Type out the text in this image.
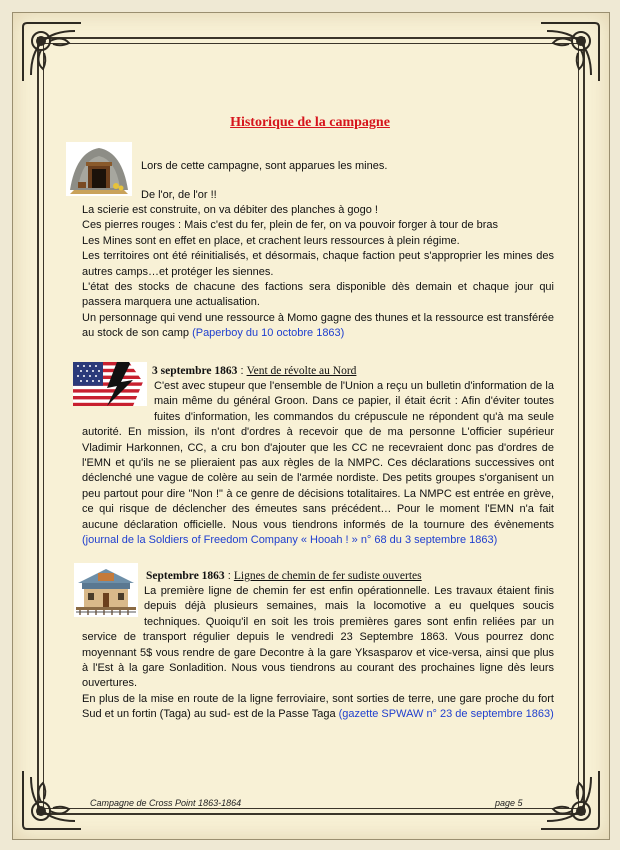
Historique de la campagne
Lors de cette campagne, sont apparues les mines.
De l'or, de l'or !!
La scierie est construite, on va débiter des planches à gogo !
Ces pierres rouges : Mais c'est du fer, plein de fer, on va pouvoir forger à tour de bras
Les Mines sont en effet en place, et crachent leurs ressources à plein régime.
Les territoires ont été réinitialisés, et désormais, chaque faction peut s'approprier les mines des autres camps…et protéger les siennes.
L'état des stocks de chacune des factions sera disponible dès demain et chaque jour qui passera marquera une actualisation.
Un personnage qui vend une ressource à Momo gagne des thunes et la ressource est transférée au stock de son camp (Paperboy du 10 octobre 1863)
3 septembre 1863 : Vent de révolte au Nord
C'est avec stupeur que l'ensemble de l'Union a reçu un bulletin d'information de la main même du général Groon. Dans ce papier, il était écrit : Afin d'éviter toutes fuites d'information, les commandos du crépuscule ne répondent qu'à ma seule autorité. En mission, ils n'ont d'ordres à recevoir que de ma personne L'officier supérieur Vladimir Harkonnen, CC, a cru bon d'ajouter que les CC ne recevraient donc pas d'ordres de l'EMN et qu'ils ne se plieraient pas aux règles de la NMPC. Ces déclarations successives ont déclenché une vague de colère au sein de l'armée nordiste. Des petits groupes s'organisent un peu partout pour dire "Non !" à ce genre de décisions totalitaires. La NMPC est entrée en grève, ce qui risque de déclencher des émeutes sans précédent… Pour le moment l'EMN n'a fait aucune déclaration officielle. Nous vous tiendrons informés de la tournure des évènements (journal de la Soldiers of Freedom Company « Hooah ! » n° 68 du 3 septembre 1863)
Septembre 1863 : Lignes de chemin de fer sudiste ouvertes
La première ligne de chemin fer est enfin opérationnelle. Les travaux étaient finis depuis déjà plusieurs semaines, mais la locomotive a eu quelques soucis techniques. Quoiqu'il en soit les trois premières gares sont enfin reliées par un service de transport régulier depuis le vendredi 23 Septembre 1863. Vous pourrez donc moyennant 5$ vous rendre de gare Decontre à la gare Yksasparov et vice-versa, ainsi que plus à l'Est à la gare Sonladition. Nous vous tiendrons au courant des prochaines ligne dès leurs ouvertures.
En plus de la mise en route de la ligne ferroviaire, sont sorties de terre, une gare proche du fort Sud et un fortin (Taga) au sud- est de la Passe Taga (gazette SPWAW n° 23 de septembre 1863)
Campagne de Cross Point 1863-1864	page 5
